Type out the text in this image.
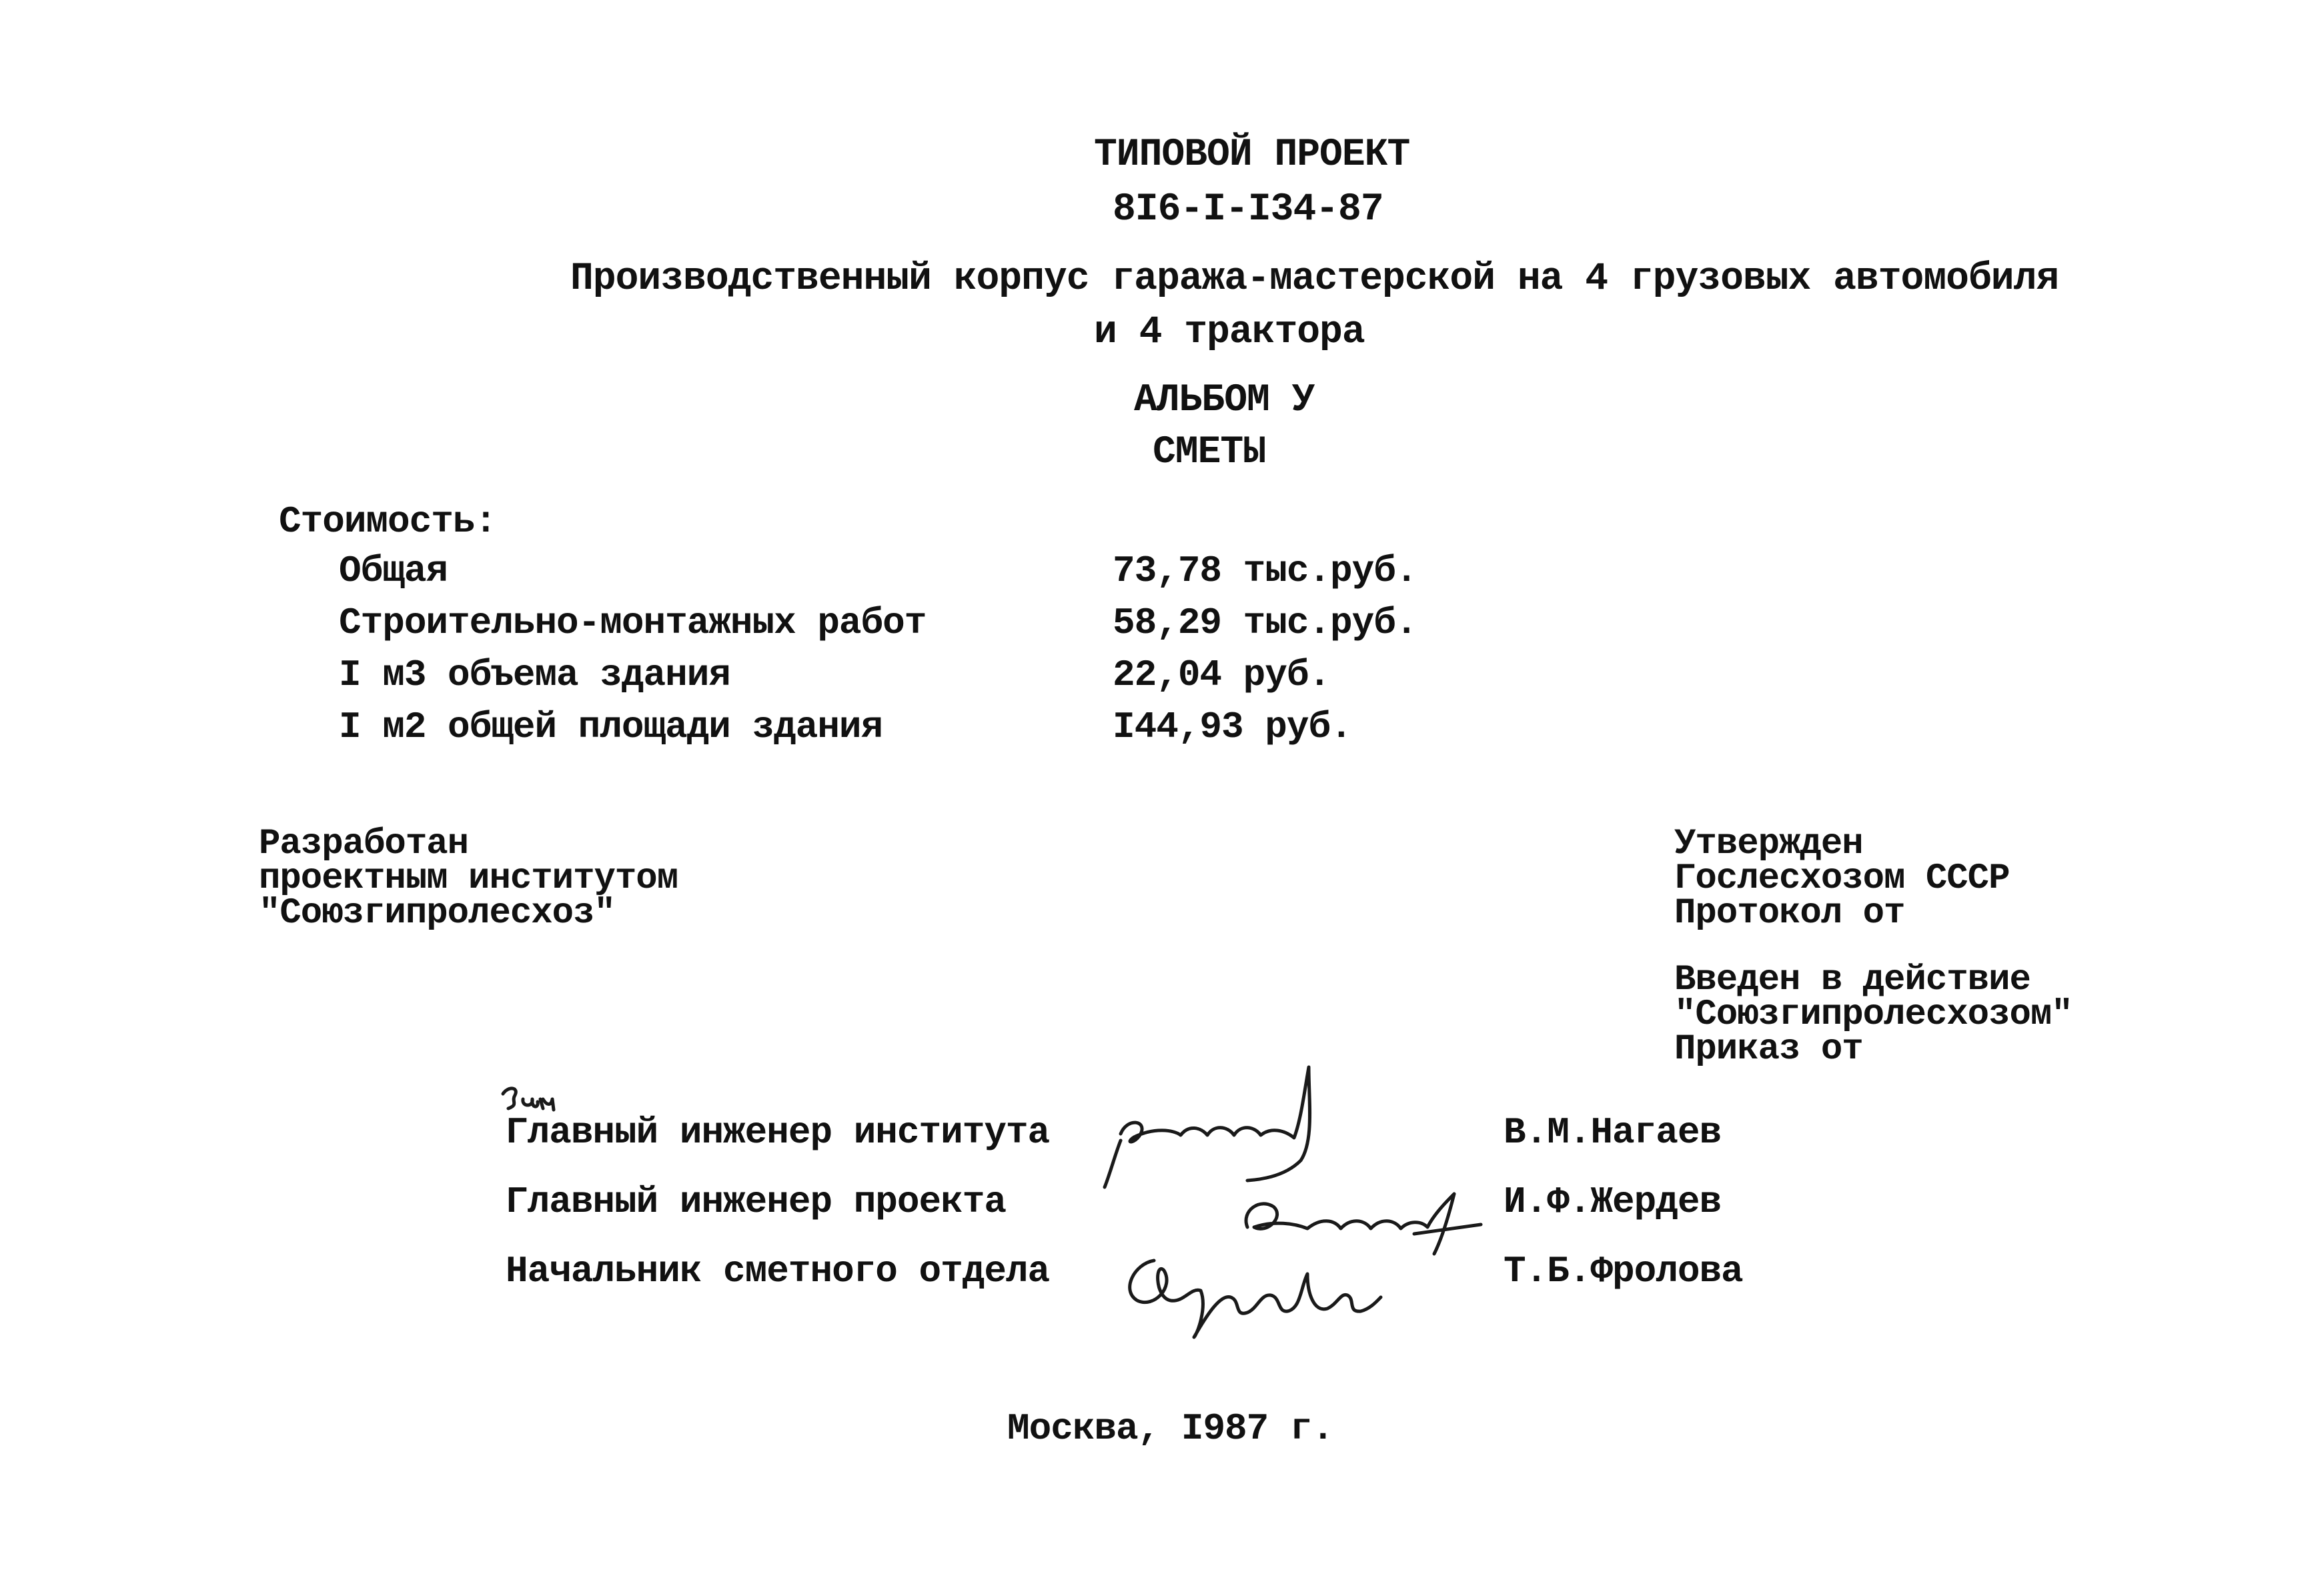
ТИПОВОЙ ПРОЕКТ
8I6-I-I34-87
Производственный корпус гаража-мастерской на 4 грузовых автомобиля
и 4 трактора
АЛЬБОМ У
СМЕТЫ
Стоимость:
Общая	73,78 тыс.руб.
Строительно-монтажных работ	58,29 тыс.руб.
I м3 объема здания	22,04 руб.
I м2 общей площади здания	I44,93 руб.
Разработан
проектным институтом
"Союзгипролесхоз"
Утвержден
Гослесхозом СССР
Протокол от
Введен в действие
"Союзгипролесхозом"
Приказ от
Главный инженер института	В.М.Нагаев
Главный инженер проекта	И.Ф.Жердев
Начальник сметного отдела	Т.Б.Фролова
Москва, I987 г.
